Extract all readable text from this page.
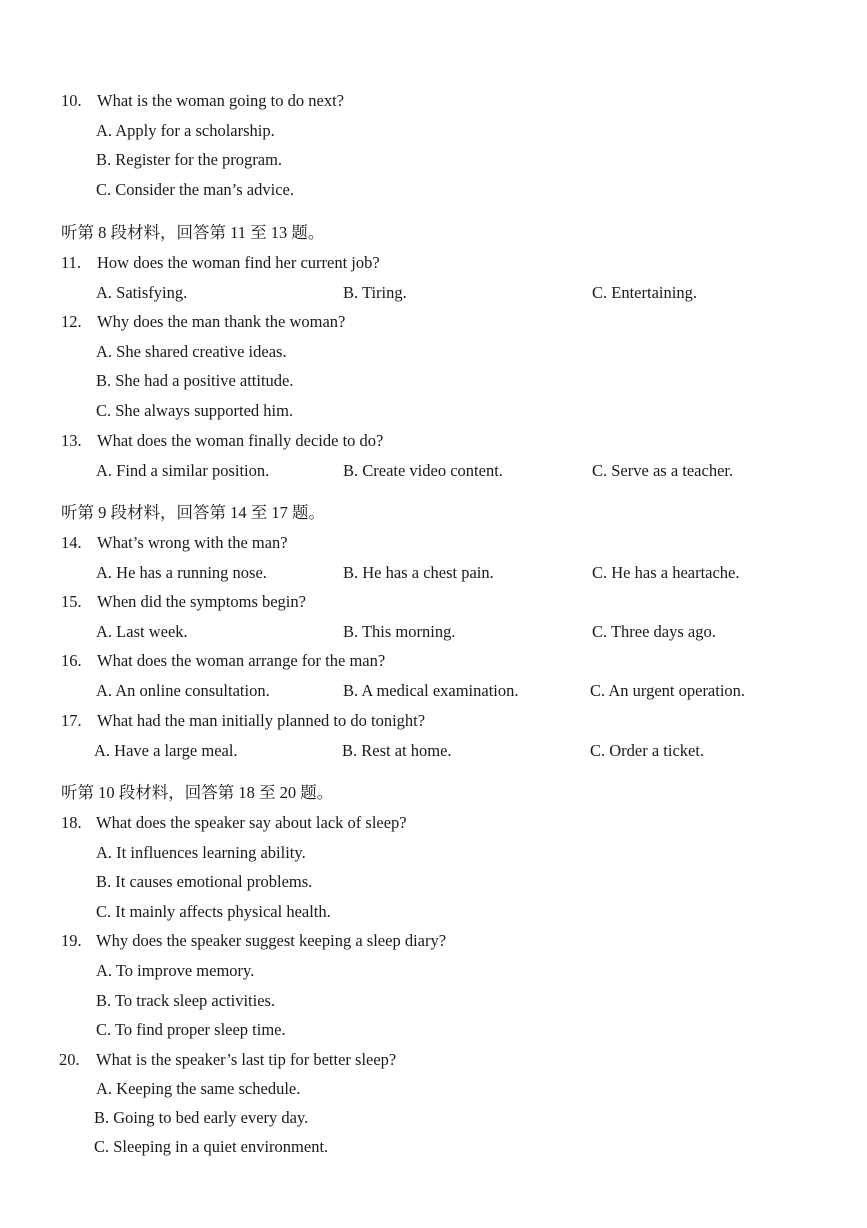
10. What is the woman going to do next?
A. Apply for a scholarship.
B. Register for the program.
C. Consider the man’s advice.
听第 8 段材料，回答第 11 至 13 题。
11. How does the woman find her current job?
A. Satisfying.	B. Tiring.	C. Entertaining.
12. Why does the man thank the woman?
A. She shared creative ideas.
B. She had a positive attitude.
C. She always supported him.
13. What does the woman finally decide to do?
A. Find a similar position.	B. Create video content.	C. Serve as a teacher.
听第 9 段材料，回答第 14 至 17 题。
14. What’s wrong with the man?
A. He has a running nose.	B. He has a chest pain.	C. He has a heartache.
15. When did the symptoms begin?
A. Last week.	B. This morning.	C. Three days ago.
16. What does the woman arrange for the man?
A. An online consultation.	B. A medical examination.	C. An urgent operation.
17. What had the man initially planned to do tonight?
A. Have a large meal.	B. Rest at home.	C. Order a ticket.
听第 10 段材料，回答第 18 至 20 题。
18. What does the speaker say about lack of sleep?
A. It influences learning ability.
B. It causes emotional problems.
C. It mainly affects physical health.
19. Why does the speaker suggest keeping a sleep diary?
A. To improve memory.
B. To track sleep activities.
C. To find proper sleep time.
20. What is the speaker’s last tip for better sleep?
A. Keeping the same schedule.
B. Going to bed early every day.
C. Sleeping in a quiet environment.
